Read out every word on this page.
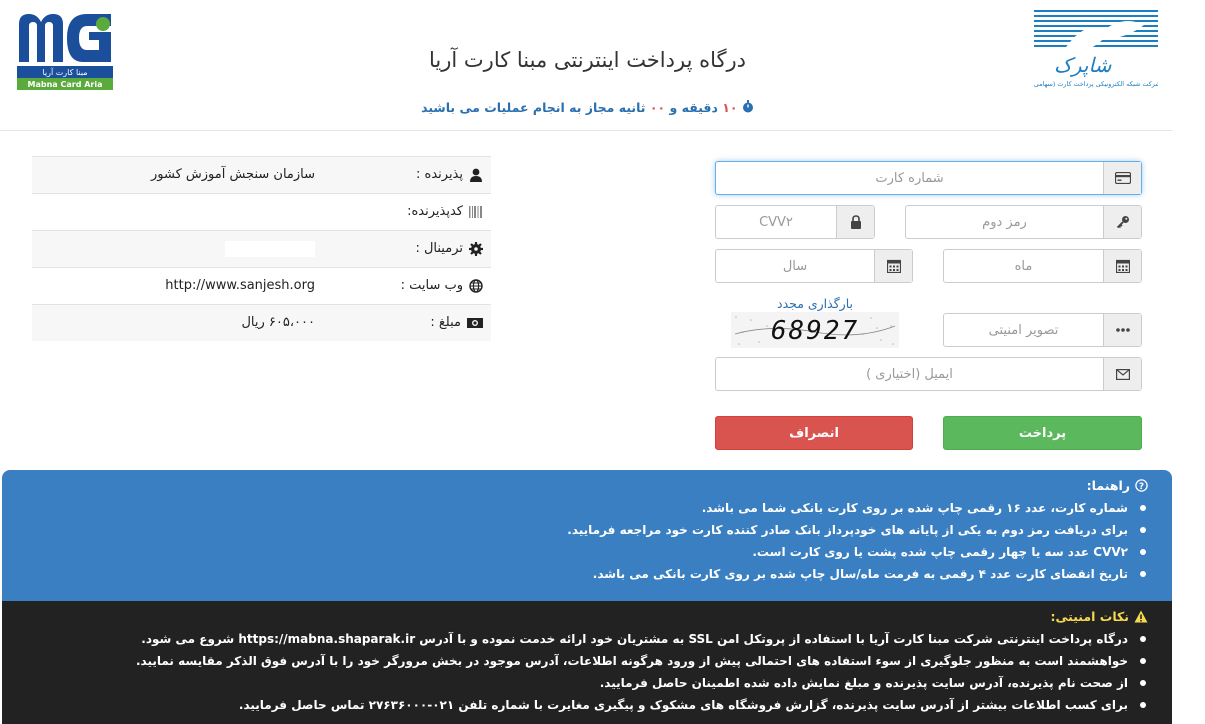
مبنا کارت آریا
Mabna Card Aria
درگاه پرداخت اینترنتی مبنا کارت آریا
۱۰ دقیقه و ۰۰ ثانیه مجاز به انجام عملیات می باشید
شاپرک
شرکت شبکه الکترونیکی پرداخت کارت (سهامی)
پذیرنده :
سازمان سنجش آموزش کشور
کدپذیرنده:
ترمینال :
وب سایت :
http://www.sanjesh.org
مبلغ :
۶۰۵،۰۰۰ ریال
شماره کارت
CVV۲
ماه
سال
تصویر امنیتی
بارگذاری مجدد
68927
ایمیل (اختیاری )
پرداخت
انصراف
?
راهنما:
شماره کارت، عدد ۱۶ رقمی چاپ شده بر روی کارت بانکی شما می باشد.
برای دریافت رمز دوم به یکی از پایانه های خودپرداز بانک صادر کننده کارت خود مراجعه فرمایید.
CVV۲ عدد سه یا چهار رقمی چاپ شده پشت یا روی کارت است.
تاریخ انقضای کارت عدد ۴ رقمی به فرمت ماه/سال چاپ شده بر روی کارت بانکی می باشد.
نکات امنیتی:
درگاه پرداخت اینترنتی شرکت مبنا کارت آریا با استفاده از پروتکل امن SSL به مشتریان خود ارائه خدمت نموده و با آدرس https://mabna.shaparak.ir شروع می شود.
خواهشمند است به منظور جلوگیری از سوء استفاده های احتمالی پیش از ورود هرگونه اطلاعات، آدرس موجود در بخش مرورگر خود را با آدرس فوق الذکر مقایسه نمایید.
از صحت نام پذیرنده، آدرس سایت پذیرنده و مبلغ نمایش داده شده اطمینان حاصل فرمایید.
برای کسب اطلاعات بیشتر از آدرس سایت پذیرنده، گزارش فروشگاه های مشکوک و پیگیری مغایرت با شماره تلفن ۰۲۱-۲۷۶۳۶۰۰۰ تماس حاصل فرمایید.
